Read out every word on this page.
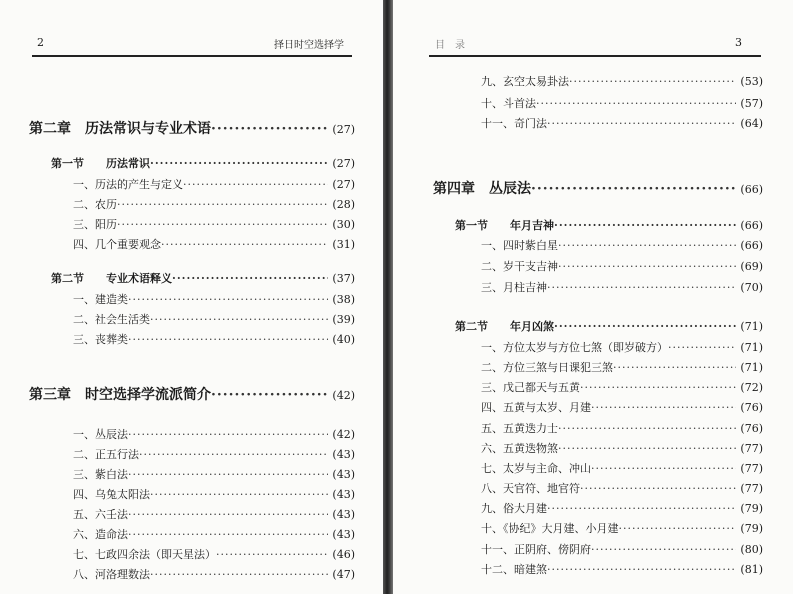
2	择日时空选择学
第二章　历法常识与专业术语 ·····	(27)
第一节　　历法常识 ·····	(27)
一、历法的产生与定义 ·····	(27)
二、农历 ·····	(28)
三、阳历 ·····	(30)
四、几个重要观念 ·····	(31)
第二节　　专业术语释义 ·····	(37)
一、建造类 ·····	(38)
二、社会生活类 ·····	(39)
三、丧葬类 ·····	(40)
第三章　时空选择学流派简介 ·····	(42)
一、丛辰法 ·····	(42)
二、正五行法 ·····	(43)
三、紫白法 ·····	(43)
四、乌兔太阳法 ·····	(43)
五、六壬法 ·····	(43)
六、造命法 ·····	(43)
七、七政四余法（即天星法） ·····	(46)
八、河洛理数法 ·····	(47)
目　录	3
九、玄空太易卦法 ·····	(53)
十、斗首法 ·····	(57)
十一、奇门法 ·····	(64)
第四章　丛辰法 ·····	(66)
第一节　　年月吉神 ·····	(66)
一、四时紫白星 ·····	(66)
二、岁干支吉神 ·····	(69)
三、月柱吉神 ·····	(70)
第二节　　年月凶煞 ·····	(71)
一、方位太岁与方位七煞（即岁破方） ·····	(71)
二、方位三煞与日课犯三煞 ·····	(71)
三、戊己都天与五黄 ·····	(72)
四、五黄与太岁、月建 ·····	(76)
五、五黄迭力士 ·····	(76)
六、五黄迭物煞 ·····	(77)
七、太岁与主命、冲山 ·····	(77)
八、天官符、地官符 ·····	(77)
九、俗大月建 ·····	(79)
十、《协纪》大月建、小月建 ·····	(79)
十一、正阴府、傍阴府 ·····	(80)
十二、暗建煞 ·····	(81)
